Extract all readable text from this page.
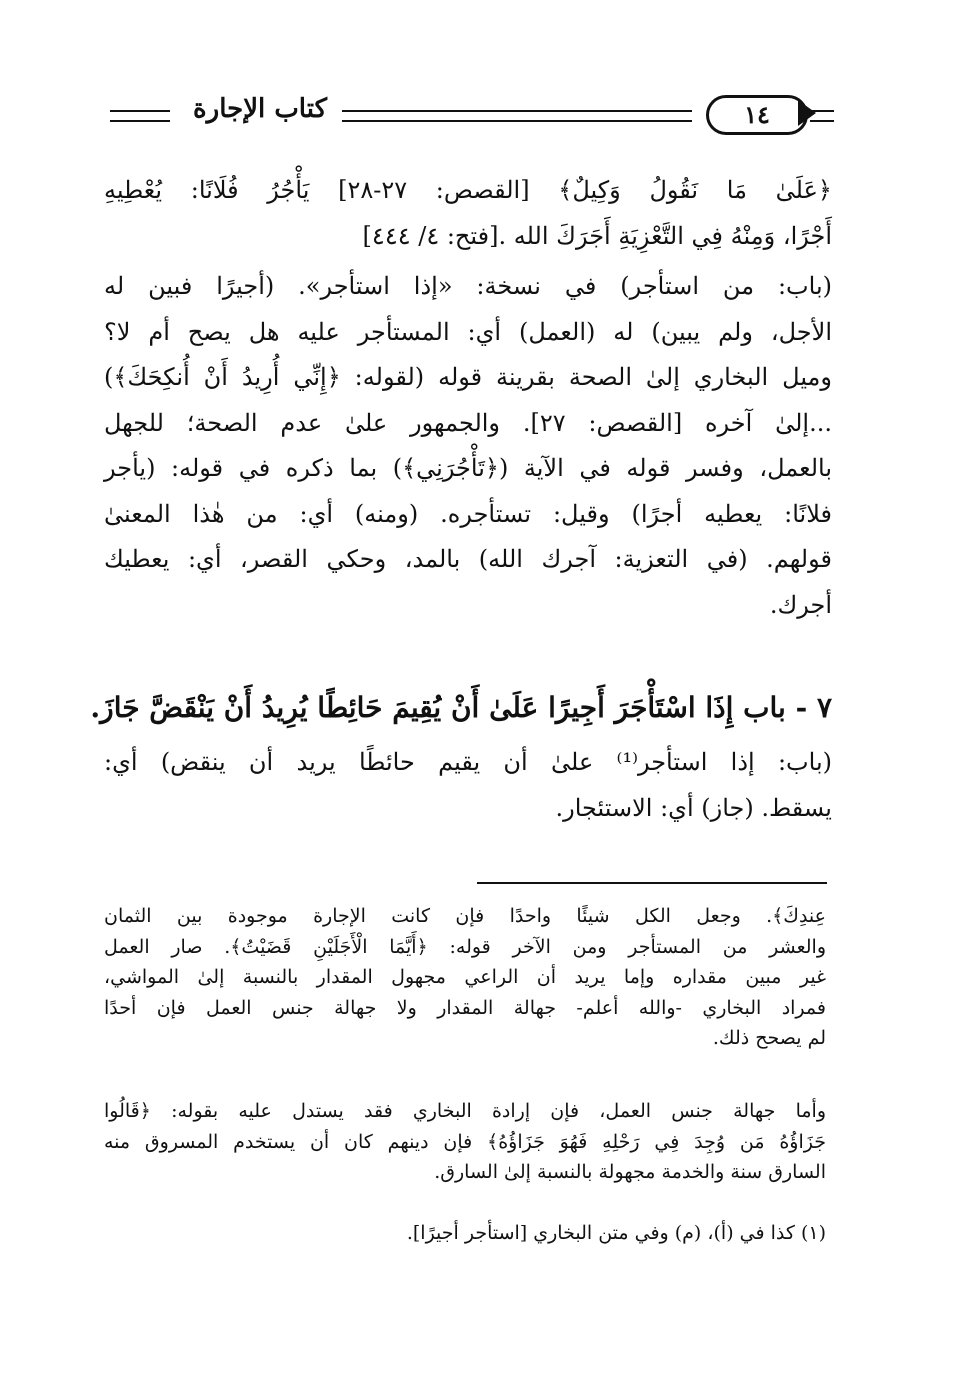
كتاب الإجارة	١٤
﴿عَلَىٰ مَا نَقُولُ وَكِيلٌ﴾ [القصص: ٢٧-٢٨] يَأْجُرُ فُلَانًا: يُعْطِيهِ
أَجْرًا، وَمِنْهُ فِي التَّعْزِيَةِ أَجَرَكَ الله .[فتح: ٤/ ٤٤٤]
(باب: من استأجر) في نسخة: «إذا استأجر». (أجيرًا فبين له
الأجل، ولم يبين) له (العمل) أي: المستأجر عليه هل يصح أم لا؟
وميل البخاري إلىٰ الصحة بقرينة قوله (لقوله: ﴿إِنِّي أُرِيدُ أَنْ أُنكِحَكَ﴾)
...إلىٰ آخره [القصص: ٢٧]. والجمهور علىٰ عدم الصحة؛ للجهل
بالعمل، وفسر قوله في الآية (﴿تَأْجُرَنِي﴾) بما ذكره في قوله: (يأجر
فلانًا: يعطيه أجرًا) وقيل: تستأجره. (ومنه) أي: من هٰذا المعنىٰ
قولهم. (في التعزية: آجرك الله) بالمد، وحكي القصر، أي: يعطيك
أجرك.
٧ - باب إِذَا اسْتَأْجَرَ أَجِيرًا عَلَىٰ أَنْ يُقِيمَ حَائِطًا يُرِيدُ أَنْ يَنْقَضَّ جَازَ.
(باب: إذا استأجر⁽¹⁾ علىٰ أن يقيم حائطًا يريد أن ينقض) أي:
يسقط. (جاز) أي: الاستئجار.
عِندِكَ﴾. وجعل الكل شيئًا واحدًا فإن كانت الإجارة موجودة بين الثمان
والعشر من المستأجر ومن الآخر قوله: ﴿أَيَّمَا الْأَجَلَيْنِ قَضَيْتُ﴾. صار العمل
غير مبين مقداره وإما يريد أن الراعي مجهول المقدار بالنسبة إلىٰ المواشي،
فمراد البخاري -والله أعلم- جهالة المقدار ولا جهالة جنس العمل فإن أحدًا
لم يصحح ذلك.
وأما جهالة جنس العمل، فإن إرادة البخاري فقد يستدل عليه بقوله: ﴿قَالُوا
جَزَاؤُهُ مَن وُجِدَ فِي رَحْلِهِ فَهُوَ جَزَاؤُهُ﴾ فإن دينهم كان أن يستخدم المسروق منه
السارق سنة والخدمة مجهولة بالنسبة إلىٰ السارق.
(١) كذا في (أ)، (م) وفي متن البخاري [استأجر أجيرًا].
